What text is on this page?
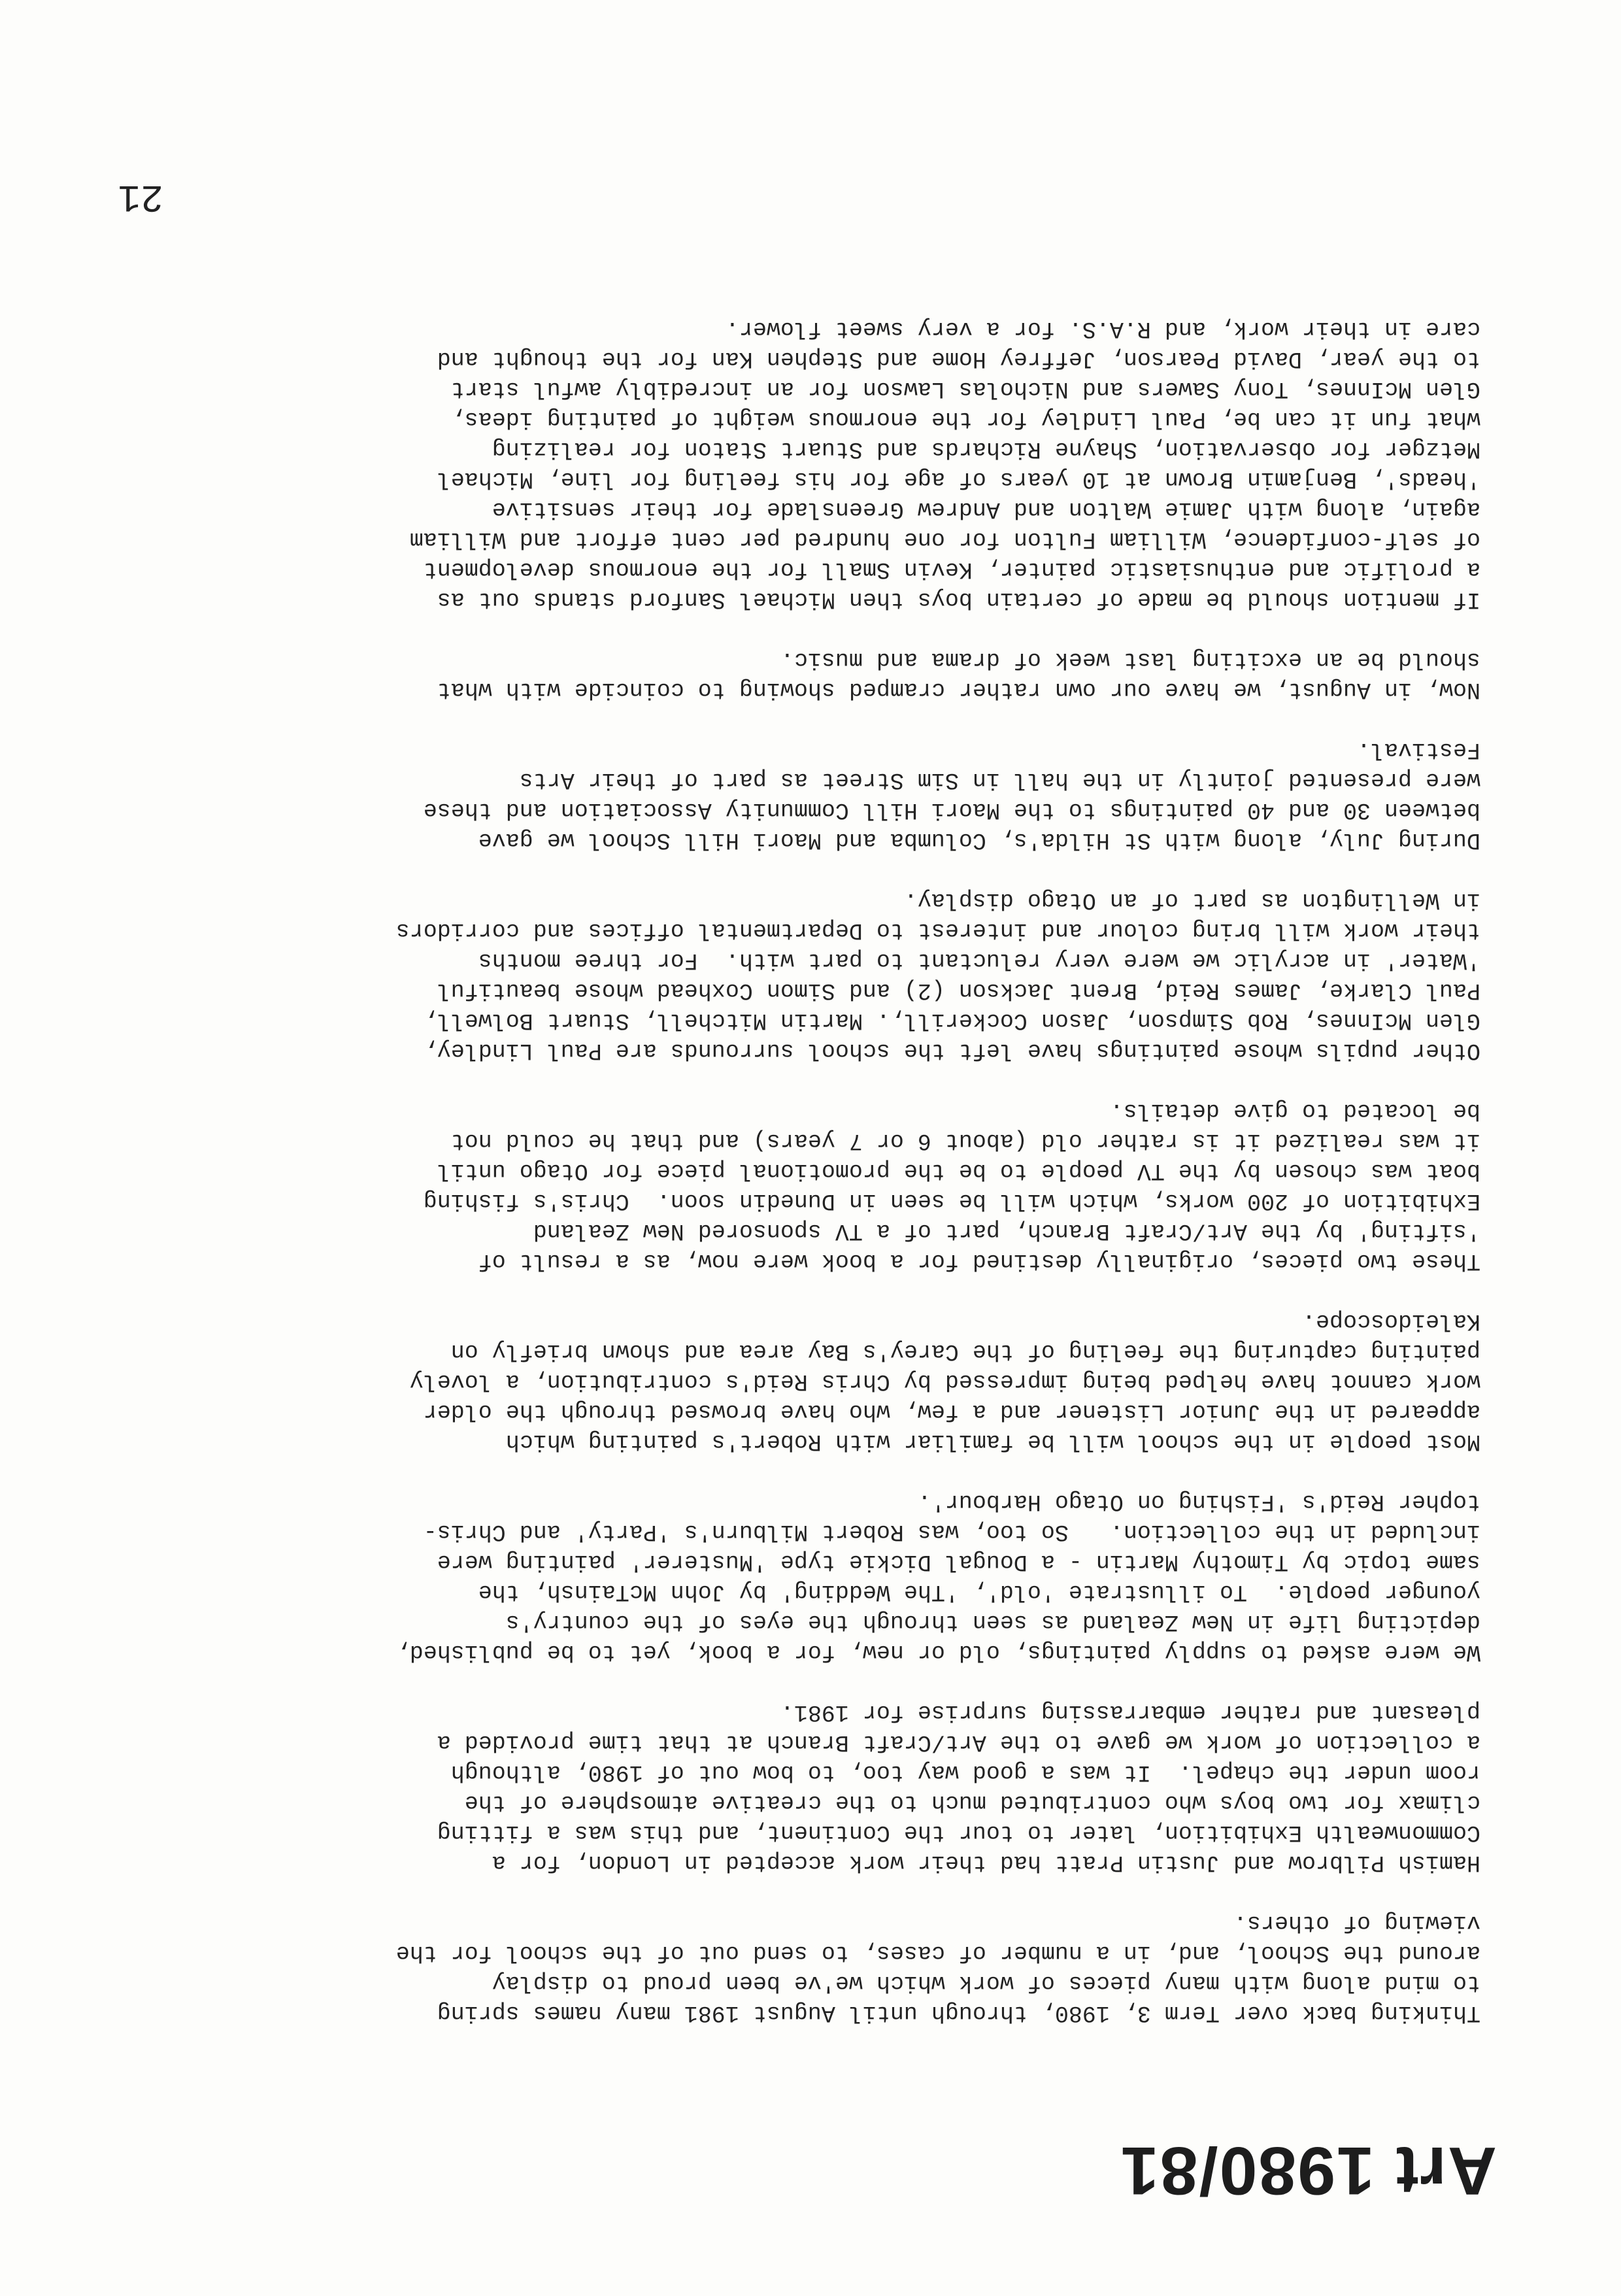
Art 1980/81

Thinking back over Term 3, 1980, through until August 1981 many names spring
to mind along with many pieces of work which we've been proud to display
around the School, and, in a number of cases, to send out of the school for the
viewing of others.

Hamish Pilbrow and Justin Pratt had their work accepted in London, for a
Commonwealth Exhibition, later to tour the Continent, and this was a fitting
climax for two boys who contributed much to the creative atmosphere of the
room under the chapel.  It was a good way too, to bow out of 1980, although
a collection of work we gave to the Art/Craft Branch at that time provided a
pleasant and rather embarrassing surprise for 1981.

We were asked to supply paintings, old or new, for a book, yet to be published,
depicting life in New Zealand as seen through the eyes of the country's
younger people.  To illustrate 'old', 'The Wedding' by John McTainsh, the
same topic by Timothy Martin - a Dougal Dickie type 'Musterer' painting were
included in the collection.   So too, was Robert Milburn's 'Party' and Chris-
topher Reid's 'Fishing on Otago Harbour'.

Most people in the school will be familiar with Robert's painting which
appeared in the Junior Listener and a few, who have browsed through the older
work cannot have helped being impressed by Chris Reid's contribution, a lovely
painting capturing the feeling of the Carey's Bay area and shown briefly on
Kaleidoscope.

These two pieces, originally destined for a book were now, as a result of
'sifting' by the Art/Craft Branch, part of a TV sponsored New Zealand
Exhibition of 200 works, which will be seen in Dunedin soon.  Chris's fishing
boat was chosen by the TV people to be the promotional piece for Otago until
it was realized it is rather old (about 6 or 7 years) and that he could not
be located to give details.

Other pupils whose paintings have left the school surrounds are Paul Lindley,
Glen McInnes, Rob Simpson, Jason Cockerill,. Martin Mitchell, Stuart Bolwell,
Paul Clarke, James Reid, Brent Jackson (2) and Simon Coxhead whose beautiful
'Water' in acrylic we were very reluctant to part with.  For three months
their work will bring colour and interest to Departmental offices and corridors
in Wellington as part of an Otago display.

During July, along with St Hilda's, Columba and Maori Hill School we gave
between 30 and 40 paintings to the Maori Hill Community Association and these
were presented jointly in the hall in Sim Street as part of their Arts
Festival.

Now, in August, we have our own rather cramped showing to coincide with what
should be an exciting last week of drama and music.

If mention should be made of certain boys then Michael Sanford stands out as
a prolific and enthusiastic painter, Kevin Small for the enormous development
of self-confidence, William Fulton for one hundred per cent effort and William
again, along with Jamie Walton and Andrew Greenslade for their sensitive
'heads', Benjamin Brown at 10 years of age for his feeling for line, Michael
Metzger for observation, Shayne Richards and Stuart Staton for realizing
what fun it can be, Paul Lindley for the enormous weight of painting ideas,
Glen McInnes, Tony Sawers and Nicholas Lawson for an incredibly awful start
to the year, David Pearson, Jeffrey Home and Stephen Kan for the thought and
care in their work, and R.A.S. for a very sweet flower.

21
